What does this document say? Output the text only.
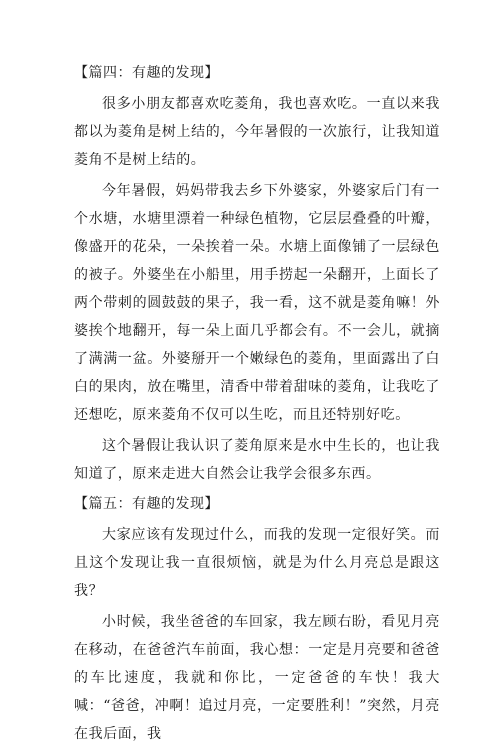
【篇四：有趣的发现】

很多小朋友都喜欢吃菱角，我也喜欢吃。一直以来我都以为菱角是树上结的，今年暑假的一次旅行，让我知道菱角不是树上结的。

今年暑假，妈妈带我去乡下外婆家，外婆家后门有一个水塘，水塘里漂着一种绿色植物，它层层叠叠的叶瓣，像盛开的花朵，一朵挨着一朵。水塘上面像铺了一层绿色的被子。外婆坐在小船里，用手捞起一朵翻开，上面长了两个带刺的圆鼓鼓的果子，我一看，这不就是菱角嘛！外婆挨个地翻开，每一朵上面几乎都会有。不一会儿，就摘了满满一盆。外婆掰开一个嫩绿色的菱角，里面露出了白白的果肉，放在嘴里，清香中带着甜味的菱角，让我吃了还想吃，原来菱角不仅可以生吃，而且还特别好吃。

这个暑假让我认识了菱角原来是水中生长的，也让我知道了，原来走进大自然会让我学会很多东西。

【篇五：有趣的发现】

大家应该有发现过什么，而我的发现一定很好笑。而且这个发现让我一直很烦恼，就是为什么月亮总是跟这我？

小时候，我坐爸爸的车回家，我左顾右盼，看见月亮在移动，在爸爸汽车前面，我心想：一定是月亮要和爸爸的车比速度，我就和你比，一定爸爸的车快！我大喊：“爸爸，冲啊！追过月亮，一定要胜利！”突然，月亮在我后面，我
